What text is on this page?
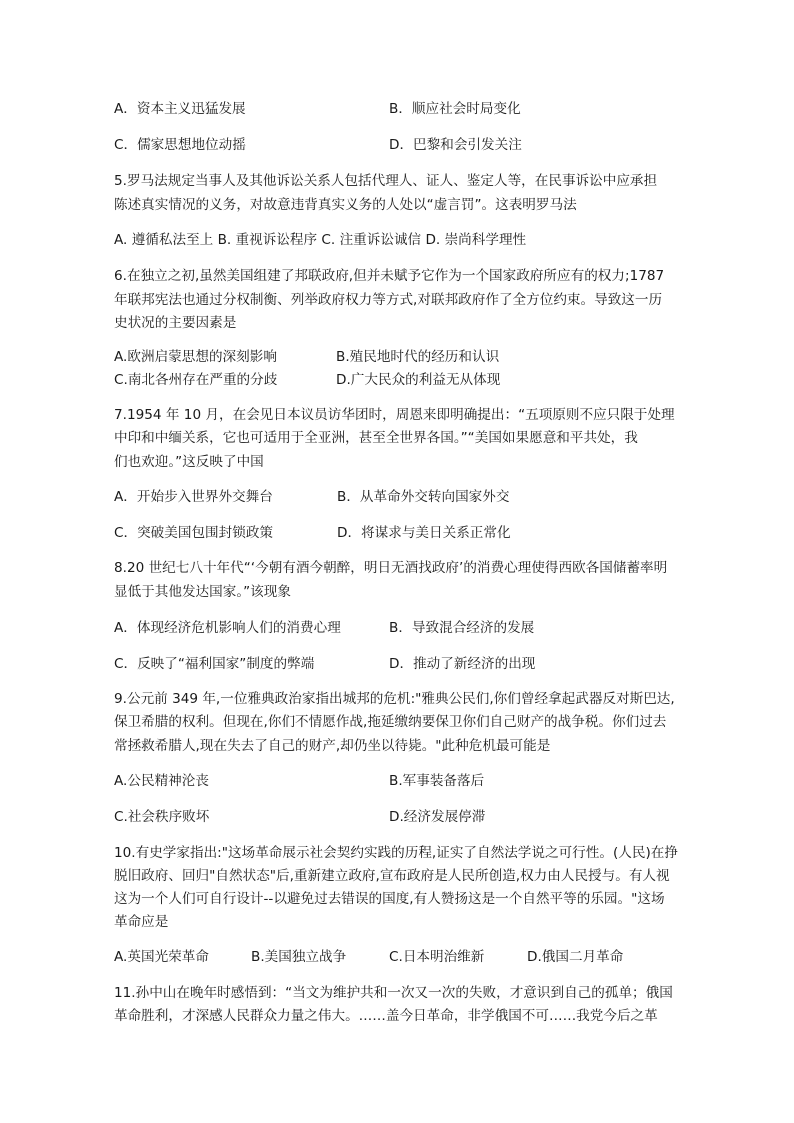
A．资本主义迅猛发展	B．顺应社会时局变化
C．儒家思想地位动摇	D．巴黎和会引发关注
5.罗马法规定当事人及其他诉讼关系人包括代理人、证人、鉴定人等，在民事诉讼中应承担
陈述真实情况的义务，对故意违背真实义务的人处以“虚言罚”。这表明罗马法
A. 遵循私法至上 B. 重视诉讼程序 C. 注重诉讼诚信 D. 崇尚科学理性
6.在独立之初,虽然美国组建了邦联政府,但并未赋予它作为一个国家政府所应有的权力;1787
年联邦宪法也通过分权制衡、列举政府权力等方式,对联邦政府作了全方位约束。导致这一历
史状况的主要因素是
A.欧洲启蒙思想的深刻影响	B.殖民地时代的经历和认识
C.南北各州存在严重的分歧	D.广大民众的利益无从体现
7.1954 年 10 月，在会见日本议员访华团时，周恩来即明确提出：“五项原则不应只限于处理
中印和中缅关系，它也可适用于全亚洲，甚至全世界各国。”“美国如果愿意和平共处，我
们也欢迎。”这反映了中国
A．开始步入世界外交舞台	B．从革命外交转向国家外交
C．突破美国包围封锁政策	D．将谋求与美日关系正常化
8.20 世纪七八十年代“‘今朝有酒今朝醉，明日无酒找政府’的消费心理使得西欧各国储蓄率明
显低于其他发达国家。”该现象
A．体现经济危机影响人们的消费心理	B．导致混合经济的发展
C．反映了“福利国家”制度的弊端	D．推动了新经济的出现
9.公元前 349 年,一位雅典政治家指出城邦的危机:"雅典公民们,你们曾经拿起武器反对斯巴达,
保卫希腊的权利。但现在,你们不情愿作战,拖延缴纳要保卫你们自己财产的战争税。你们过去
常拯救希腊人,现在失去了自己的财产,却仍坐以待毙。"此种危机最可能是
A.公民精神沦丧	B.军事装备落后
C.社会秩序败坏	D.经济发展停滞
10.有史学家指出:"这场革命展示社会契约实践的历程,证实了自然法学说之可行性。(人民)在挣
脱旧政府、回归"自然状态"后,重新建立政府,宣布政府是人民所创造,权力由人民授与。有人视
这为一个人们可自行设计--以避免过去错误的国度,有人赞扬这是一个自然平等的乐园。"这场
革命应是
A.英国光荣革命	B.美国独立战争	C.日本明治维新	D.俄国二月革命
11.孙中山在晚年时感悟到：“当文为维护共和一次又一次的失败，才意识到自己的孤单；俄国
革命胜利，才深感人民群众力量之伟大。……盖今日革命，非学俄国不可……我党今后之革
